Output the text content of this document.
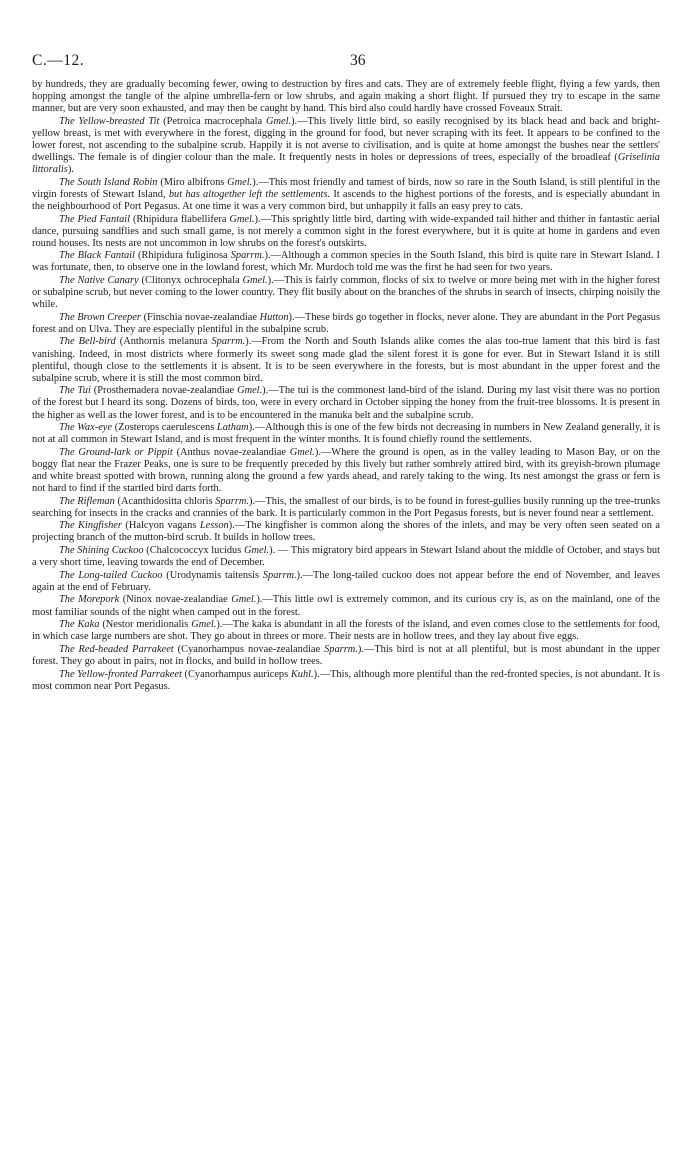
C.—12.	36

by hundreds, they are gradually becoming fewer, owing to destruction by fires and cats. They are of extremely feeble flight, flying a few yards, then hopping amongst the tangle of the alpine umbrella-fern or low shrubs, and again making a short flight. If pursued they try to escape in the same manner, but are very soon exhausted, and may then be caught by hand. This bird also could hardly have crossed Foveaux Strait.

The Yellow-breasted Tit (Petroica macrocephala Gmel.).—This lively little bird, so easily recognised by its black head and back and bright-yellow breast, is met with everywhere in the forest, digging in the ground for food, but never scraping with its feet. It appears to be confined to the lower forest, not ascending to the subalpine scrub. Happily it is not averse to civilisation, and is quite at home amongst the bushes near the settlers' dwellings. The female is of dingier colour than the male. It frequently nests in holes or depressions of trees, especially of the broadleaf (Griselinia littoralis).

The South Island Robin (Miro albifrons Gmel.).—This most friendly and tamest of birds, now so rare in the South Island, is still plentiful in the virgin forests of Stewart Island, but has altogether left the settlements. It ascends to the highest portions of the forests, and is especially abundant in the neighbourhood of Port Pegasus. At one time it was a very common bird, but unhappily it falls an easy prey to cats.

The Pied Fantail (Rhipidura flabellifera Gmel.).—This sprightly little bird, darting with wide-expanded tail hither and thither in fantastic aerial dance, pursuing sandflies and such small game, is not merely a common sight in the forest everywhere, but it is quite at home in gardens and even round houses. Its nests are not uncommon in low shrubs on the forest's outskirts.

The Black Fantail (Rhipidura fuliginosa Sparrm.).—Although a common species in the South Island, this bird is quite rare in Stewart Island. I was fortunate, then, to observe one in the lowland forest, which Mr. Murdoch told me was the first he had seen for two years.

The Native Canary (Clitonyx ochrocephala Gmel.).—This is fairly common, flocks of six to twelve or more being met with in the higher forest or subalpine scrub, but never coming to the lower country. They flit busily about on the branches of the shrubs in search of insects, chirping noisily the while.

The Brown Creeper (Finschia novae-zealandiae Hutton).—These birds go together in flocks, never alone. They are abundant in the Port Pegasus forest and on Ulva. They are especially plentiful in the subalpine scrub.

The Bell-bird (Anthornis melanura Sparrm.).—From the North and South Islands alike comes the alas too-true lament that this bird is fast vanishing. Indeed, in most districts where formerly its sweet song made glad the silent forest it is gone for ever. But in Stewart Island it is still plentiful, though close to the settlements it is absent. It is to be seen everywhere in the forests, but is most abundant in the upper forest and the subalpine scrub, where it is still the most common bird.

The Tui (Prosthemadera novae-zealandiae Gmel.).—The tui is the commonest land-bird of the island. During my last visit there was no portion of the forest but I heard its song. Dozens of birds, too, were in every orchard in October sipping the honey from the fruit-tree blossoms. It is present in the higher as well as the lower forest, and is to be encountered in the manuka belt and the subalpine scrub.

The Wax-eye (Zosterops caerulescens Latham).—Although this is one of the few birds not decreasing in numbers in New Zealand generally, it is not at all common in Stewart Island, and is most frequent in the winter months. It is found chiefly round the settlements.

The Ground-lark or Pippit (Anthus novae-zealandiae Gmel.).—Where the ground is open, as in the valley leading to Mason Bay, or on the boggy flat near the Frazer Peaks, one is sure to be frequently preceded by this lively but rather sombrely attired bird, with its greyish-brown plumage and white breast spotted with brown, running along the ground a few yards ahead, and rarely taking to the wing. Its nest amongst the grass or fern is not hard to find if the startled bird darts forth.

The Rifleman (Acanthidositta chloris Sparrm.).—This, the smallest of our birds, is to be found in forest-gullies busily running up the tree-trunks searching for insects in the cracks and crannies of the bark. It is particularly common in the Port Pegasus forests, but is never found near a settlement.

The Kingfisher (Halcyon vagans Lesson).—The kingfisher is common along the shores of the inlets, and may be very often seen seated on a projecting branch of the mutton-bird scrub. It builds in hollow trees.

The Shining Cuckoo (Chalcococcyx lucidus Gmel.). — This migratory bird appears in Stewart Island about the middle of October, and stays but a very short time, leaving towards the end of December.

The Long-tailed Cuckoo (Urodynamis taitensis Sparrm.).—The long-tailed cuckoo does not appear before the end of November, and leaves again at the end of February.

The Morepork (Ninox novae-zealandiae Gmel.).—This little owl is extremely common, and its curious cry is, as on the mainland, one of the most familiar sounds of the night when camped out in the forest.

The Kaka (Nestor meridionalis Gmel.).—The kaka is abundant in all the forests of the island, and even comes close to the settlements for food, in which case large numbers are shot. They go about in threes or more. Their nests are in hollow trees, and they lay about five eggs.

The Red-headed Parrakeet (Cyanorhampus novae-zealandiae Sparrm.).—This bird is not at all plentiful, but is most abundant in the upper forest. They go about in pairs, not in flocks, and build in hollow trees.

The Yellow-fronted Parrakeet (Cyanorhampus auriceps Kuhl.).—This, although more plentiful than the red-fronted species, is not abundant. It is most common near Port Pegasus.
